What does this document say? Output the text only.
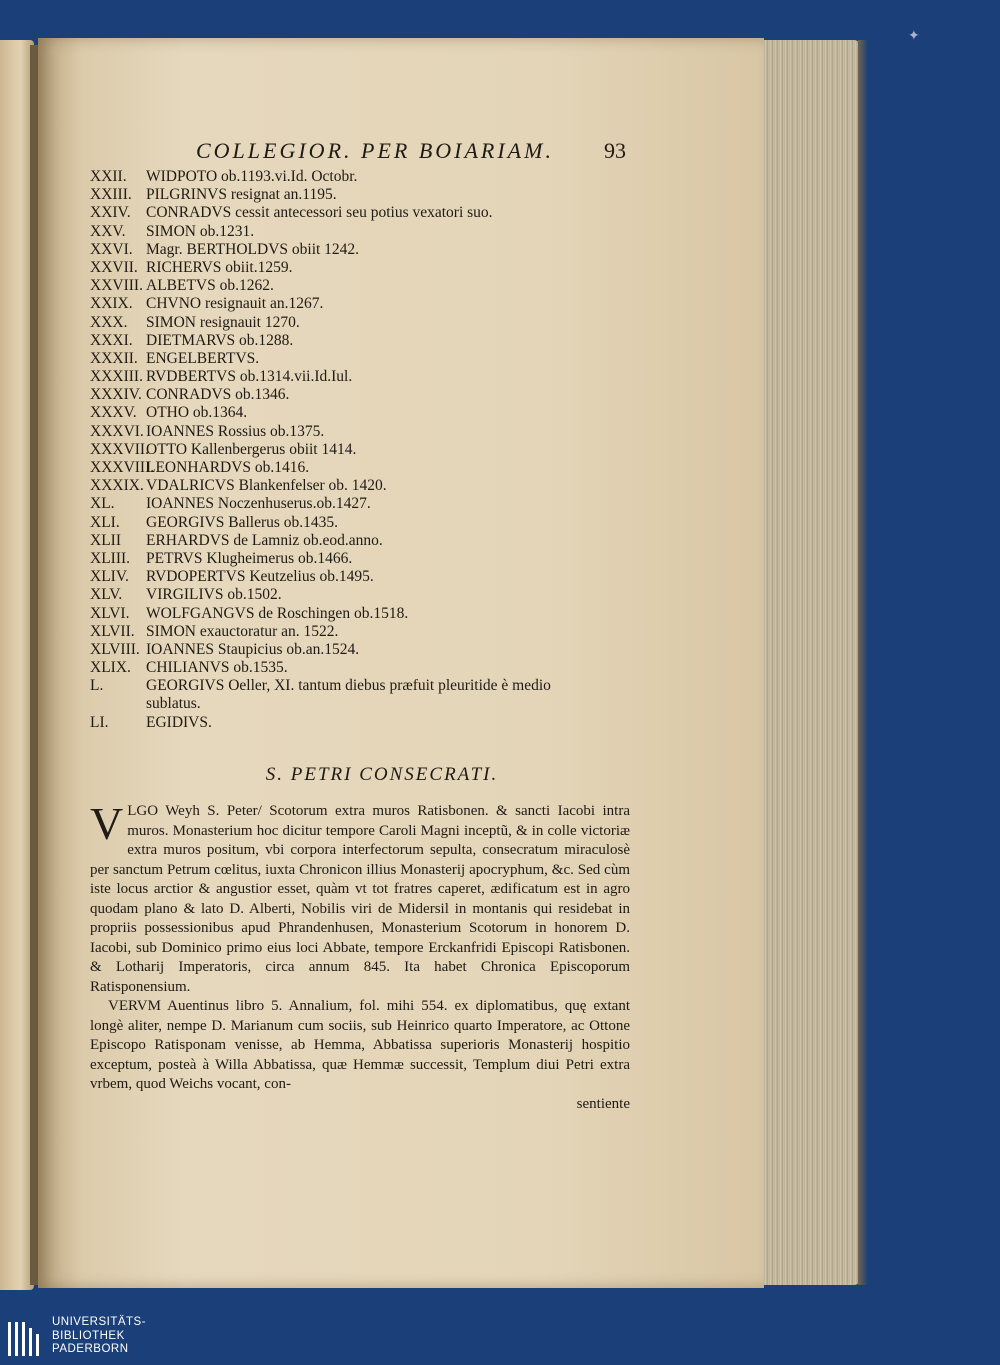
✦
COLLEGIOR. PER BOIARIAM. 93
XXII.	WIDPOTO ob.1193.vi.Id. Octobr.
XXIII. PILGRINVS resignat an.1195.
XXIV. CONRADVS cessit antecessori seu potius vexatori suo.
XXV.	SIMON ob.1231.
XXVI. Magr. BERTHOLDVS obiit 1242.
XXVII. RICHERVS obiit.1259.
XXVIII. ALBETVS ob.1262.
XXIX. CHVNO resignauit an.1267.
XXX.	SIMON resignauit 1270.
XXXI. DIETMARVS ob.1288.
XXXII. ENGELBERTVS.
XXXIII. RVDBERTVS ob.1314.vii.Id.Iul.
XXXIV. CONRADVS ob.1346.
XXXV. OTHO ob.1364.
XXXVI. IOANNES Rossius ob.1375.
XXXVII.
OTTO Kallenbergerus obiit 1414.
XXXVIII.
LEONHARDVS ob.1416.
XXXIX. VDALRICVS Blankenfelser ob. 1420.
XL.	IOANNES Noczenhuserus.ob.1427.
XLI.	GEORGIVS Ballerus ob.1435.
XLII	ERHARDVS de Lamniz ob.eod.anno.
XLIII.	PETRVS Klugheimerus ob.1466.
XLIV.	RVDOPERTVS Keutzelius ob.1495.
XLV.	VIRGILIVS ob.1502.
XLVI.	WOLFGANGVS de Roschingen ob.1518.
XLVII. SIMON exauctoratur an. 1522.
XLVIII. IOANNES Staupicius ob.an.1524.
XLIX. CHILIANVS ob.1535.
L.	GEORGIVS Oeller, XI. tantum diebus præfuit pleuritide è medio
sublatus.
LI.	EGIDIVS.
S. PETRI CONSECRATI.
VLGO Weyh S. Peter/ Scotorum extra muros Ratisbonen. & sancti Iacobi intra muros. Monasterium hoc dicitur tempore Caroli Magni inceptũ, & in colle victoriæ extra muros positum, vbi corpora interfectorum sepulta, consecratum miraculosè per sanctum Petrum cœlitus, iuxta Chronicon illius Monasterij apocryphum, &c. Sed cùm iste locus arctior & angustior esset, quàm vt tot fratres caperet, ædificatum est in agro quodam plano & lato D. Alberti, Nobilis viri de Midersil in montanis qui residebat in propriis possessionibus apud Phrandenhusen, Monasterium Scotorum in honorem D. Iacobi, sub Dominico primo eius loci Abbate, tempore Erckanfridi Episcopi Ratisbonen. & Lotharij Imperatoris, circa annum 845. Ita habet Chronica Episcoporum Ratisponensium.
VERVM Auentinus libro 5. Annalium, fol. mihi 554. ex diplomatibus, quę extant longè aliter, nempe D. Marianum cum sociis, sub Heinrico quarto Imperatore, ac Ottone Episcopo Ratisponam venisse, ab Hemma, Abbatissa superioris Monasterij hospitio exceptum, posteà à Willa Abbatissa, quæ Hemmæ successit, Templum diui Petri extra vrbem, quod Weichs vocant, con-
sentiente
UNIVERSITÄTS-
BIBLIOTHEK
PADERBORN
